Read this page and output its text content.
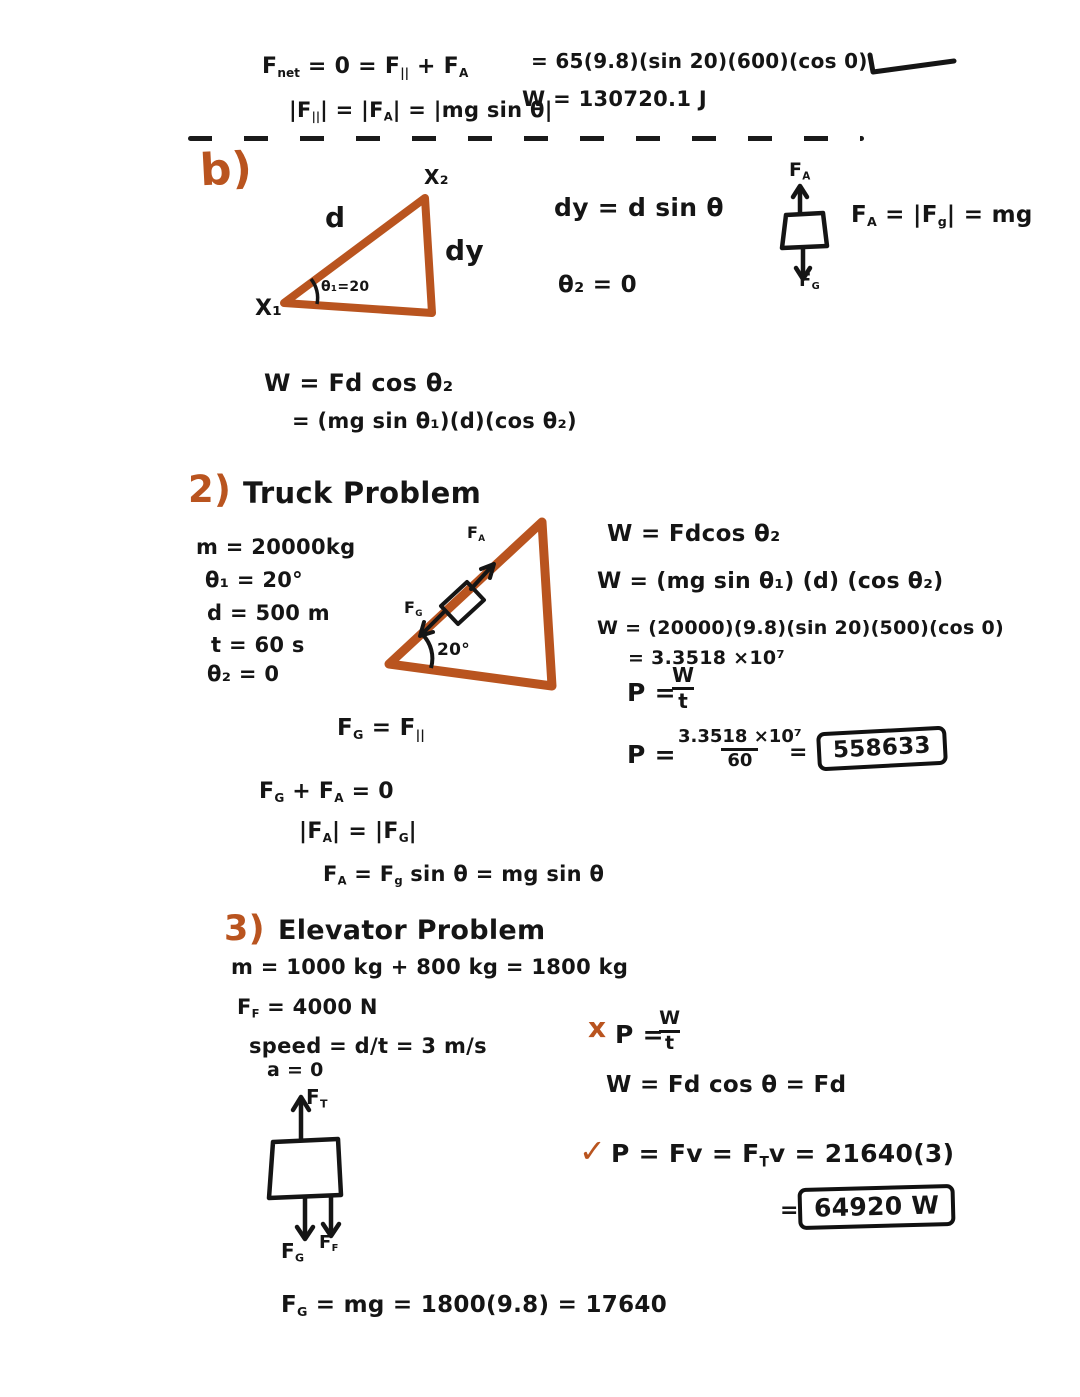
$F_{net} = 0 = F_{||} + F_A$
$|F_{||}| = |F_A| = |mg$ sin θ|
= 65(9.8)(sin 20)(600)(cos 0)
W = 130720.1 J
b)	X₂
d
dy
θ₁=20
X₁
dy = d sin θ
θ₂ = 0
$F_A$
$F_G$
$F_A = |F_g|$ = mg
W = Fd cos θ₂
= (mg sin θ₁)(d)(cos θ₂)
2) Truck Problem
m = 20000kg
θ₁ = 20°
d = 500 m
t = 60 s
θ₂ = 0
$F_A$
$F_G$
20°
W = Fdcos θ₂
W = (mg sin θ₁) (d) (cos θ₂)
W = (20000)(9.8)(sin 20)(500)(cos 0)
= 3.3518 ×10⁷
P =
$\frac{W}{t}$
$P = \frac{\text{3.3518 ×10⁷}}{60}$
=	558633
$F_G = F_{||}$
$F_G + F_A = 0$
$|F_A| = |F_G|$
$F_A = F_g$ sin θ = mg sin θ
3) Elevator Problem
m = 1000 kg + 800 kg = 1800 kg
$F_F = 4000$ N
speed = d/t = 3 m/s
a = 0
$F_T$
$F_G$
$F_F$
x P =
$\frac{W}{t}$
W = Fd cos θ = Fd
✓ $P = Fv = F_Tv = 21640(3)$
= 64920 W
$F_G$ = mg = 1800(9.8) = 17640
